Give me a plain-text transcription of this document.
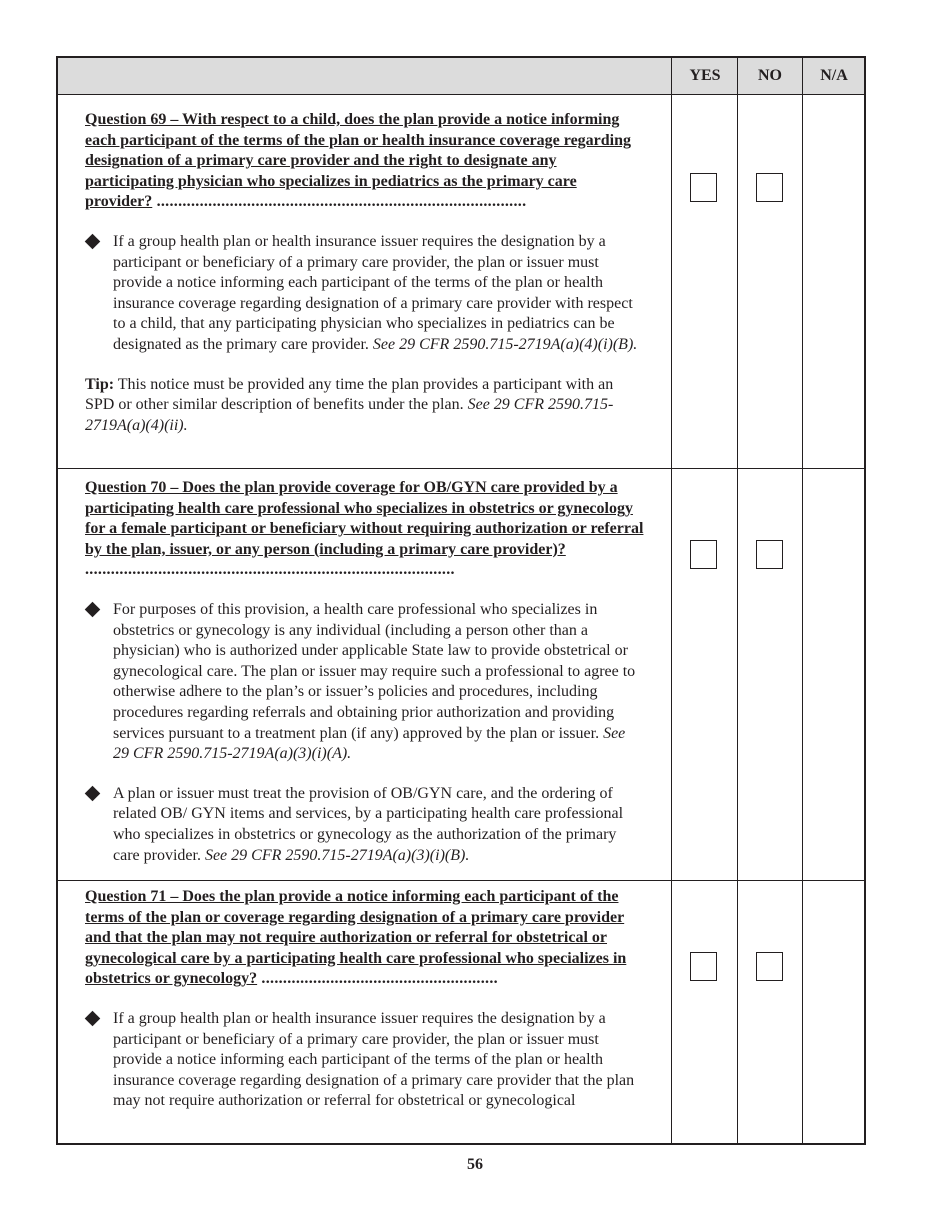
YES	NO	N/A
Question 69 – With respect to a child, does the plan provide a notice informing each participant of the terms of the plan or health insurance coverage regarding designation of a primary care provider and the right to designate any participating physician who specializes in pediatrics as the primary care provider? ......................................................................................
If a group health plan or health insurance issuer requires the designation by a participant or beneficiary of a primary care provider, the plan or issuer must provide a notice informing each participant of the terms of the plan or health insurance coverage regarding designation of a primary care provider with respect to a child, that any participating physician who specializes in pediatrics can be designated as the primary care provider. See 29 CFR 2590.715-2719A(a)(4)(i)(B).
Tip: This notice must be provided any time the plan provides a participant with an SPD or other similar description of benefits under the plan. See 29 CFR 2590.715-2719A(a)(4)(ii).
Question 70 – Does the plan provide coverage for OB/GYN care provided by a participating health care professional who specializes in obstetrics or gynecology for a female participant or beneficiary without requiring authorization or referral by the plan, issuer, or any person (including a primary care provider)? ......................................................................................
For purposes of this provision, a health care professional who specializes in obstetrics or gynecology is any individual (including a person other than a physician) who is authorized under applicable State law to provide obstetrical or gynecological care. The plan or issuer may require such a professional to agree to otherwise adhere to the plan’s or issuer’s policies and procedures, including procedures regarding referrals and obtaining prior authorization and providing services pursuant to a treatment plan (if any) approved by the plan or issuer. See 29 CFR 2590.715-2719A(a)(3)(i)(A).
A plan or issuer must treat the provision of OB/GYN care, and the ordering of related OB/ GYN items and services, by a participating health care professional who specializes in obstetrics or gynecology as the authorization of the primary care provider. See 29 CFR 2590.715-2719A(a)(3)(i)(B).
Question 71 – Does the plan provide a notice informing each participant of the terms of the plan or coverage regarding designation of a primary care provider and that the plan may not require authorization or referral for obstetrical or gynecological care by a participating health care professional who specializes in obstetrics or gynecology? .......................................................
If a group health plan or health insurance issuer requires the designation by a participant or beneficiary of a primary care provider, the plan or issuer must provide a notice informing each participant of the terms of the plan or health insurance coverage regarding designation of a primary care provider that the plan may not require authorization or referral for obstetrical or gynecological
56
